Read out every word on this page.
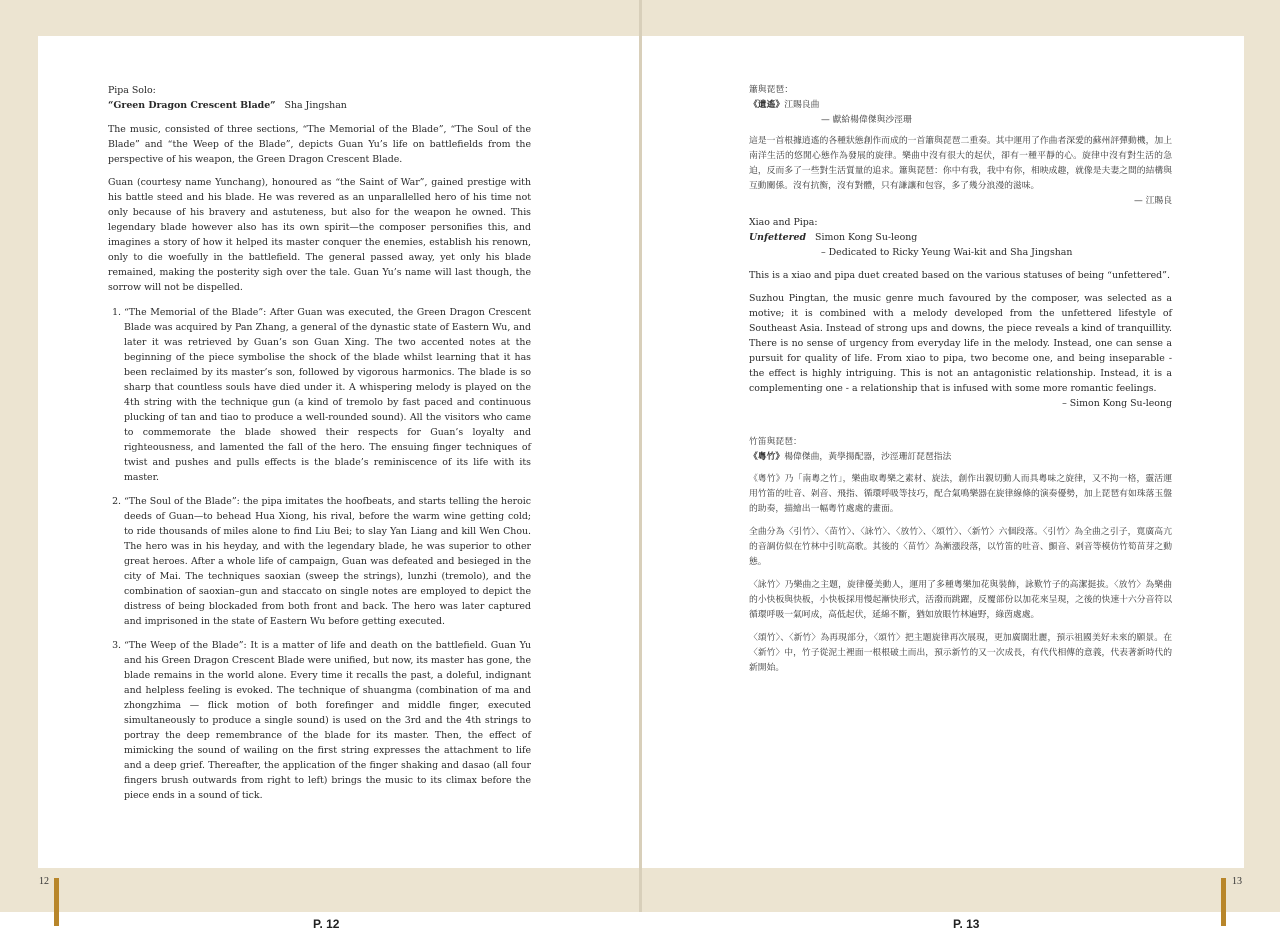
Pipa Solo:

“Green Dragon Crescent Blade” Sha Jingshan

The music, consisted of three sections, “The Memorial of the Blade”, “The Soul of the Blade” and “the Weep of the Blade”, depicts Guan Yu’s life on battlefields from the perspective of his weapon, the Green Dragon Crescent Blade.

Guan (courtesy name Yunchang), honoured as “the Saint of War”, gained prestige with his battle steed and his blade. He was revered as an unparallelled hero of his time not only because of his bravery and astuteness, but also for the weapon he owned. This legendary blade however also has its own spirit—the composer personifies this, and imagines a story of how it helped its master conquer the enemies, establish his renown, only to die woefully in the battlefield. The general passed away, yet only his blade remained, making the posterity sigh over the tale. Guan Yu’s name will last though, the sorrow will not be dispelled.

1. “The Memorial of the Blade”: After Guan was executed, the Green Dragon Crescent Blade was acquired by Pan Zhang, a general of the dynastic state of Eastern Wu, and later it was retrieved by Guan’s son Guan Xing. The two accented notes at the beginning of the piece symbolise the shock of the blade whilst learning that it has been reclaimed by its master’s son, followed by vigorous harmonics. The blade is so sharp that countless souls have died under it. A whispering melody is played on the 4th string with the technique gun (a kind of tremolo by fast paced and continuous plucking of tan and tiao to produce a well-rounded sound). All the visitors who came to commemorate the blade showed their respects for Guan’s loyalty and righteousness, and lamented the fall of the hero. The ensuing finger techniques of twist and pushes and pulls effects is the blade’s reminiscence of its life with its master.
2. “The Soul of the Blade”: the pipa imitates the hoofbeats, and starts telling the heroic deeds of Guan—to behead Hua Xiong, his rival, before the warm wine getting cold; to ride thousands of miles alone to find Liu Bei; to slay Yan Liang and kill Wen Chou. The hero was in his heyday, and with the legendary blade, he was superior to other great heroes. After a whole life of campaign, Guan was defeated and besieged in the city of Mai. The techniques saoxian (sweep the strings), lunzhi (tremolo), and the combination of saoxian–gun and staccato on single notes are employed to depict the distress of being blockaded from both front and back. The hero was later captured and imprisoned in the state of Eastern Wu before getting executed.
3. “The Weep of the Blade”: It is a matter of life and death on the battlefield. Guan Yu and his Green Dragon Crescent Blade were unified, but now, its master has gone, the blade remains in the world alone. Every time it recalls the past, a doleful, indignant and helpless feeling is evoked. The technique of shuangma (combination of ma and zhongzhima — flick motion of both forefinger and middle finger, executed simultaneously to produce a single sound) is used on the 3rd and the 4th strings to portray the deep remembrance of the blade for its master. Then, the effect of mimicking the sound of wailing on the first string expresses the attachment to life and a deep grief. Thereafter, the application of the finger shaking and dasao (all four fingers brush outwards from right to left) brings the music to its climax before the piece ends in a sound of tick.
簫與琵琶：
《遺遙》江賜良曲
— 獻給楊偉傑與沙涇珊

這是一首根據逍遙的各種狀態創作而成的一首簫與琵琶二重奏。其中運用了作曲者深愛的蘇州評彈動機，加上南洋生活的悠閒心態作為發展的旋律。樂曲中沒有很大的起伏，卻有一種平靜的心。旋律中沒有對生活的急迫，反而多了一些對生活質量的追求。簫與琵琶：你中有我，我中有你，相映成趣，就像是夫妻之間的結構與互動關係。沒有抗衡，沒有對體，只有謙讓和包容，多了幾分浪漫的滋味。

— 江賜良
Xiao and Pipa:
Unfettered Simon Kong Su-leong
– Dedicated to Ricky Yeung Wai-kit and Sha Jingshan

This is a xiao and pipa duet created based on the various statuses of being “unfettered”.

Suzhou Pingtan, the music genre much favoured by the composer, was selected as a motive; it is combined with a melody developed from the unfettered lifestyle of Southeast Asia. Instead of strong ups and downs, the piece reveals a kind of tranquillity. There is no sense of urgency from everyday life in the melody. Instead, one can sense a pursuit for quality of life. From xiao to pipa, two become one, and being inseparable - the effect is highly intriguing. This is not an antagonistic relationship. Instead, it is a complementing one - a relationship that is infused with some more romantic feelings.

– Simon Kong Su-leong
竹笛與琵琶：
《粵竹》楊偉傑曲，黃學揚配器，沙涇珊訂琵琶指法

《粵竹》乃「南粵之竹」，樂曲取粵樂之素材、旋法，創作出親切動人而具粵味之旋律，又不拘一格，靈活運用竹笛的吐音、剁音、飛指、循環呼吸等技巧，配合氣鳴樂器在旋律線條的演奏優勢，加上琵琶有如珠落玉盤的助奏，描繪出一幅粵竹處處的畫面。

全曲分為〈引竹〉、〈苗竹〉、〈詠竹〉、〈放竹〉、〈頌竹〉、〈新竹〉六個段落。〈引竹〉為全曲之引子，寬廣高亢的音調仿似在竹林中引吭高歌。其後的〈苗竹〉為漸漲段落，以竹笛的吐音、顫音、剁音等模仿竹筍苗芽之動態。

〈詠竹〉乃樂曲之主題，旋律優美動人，運用了多種粵樂加花與裝飾，詠歎竹子的高潔挺拔。〈放竹〉為樂曲的小快板與快板，小快板採用慢起漸快形式，活潑而跳躍，反覆部份以加花來呈現，之後的快速十六分音符以循環呼吸一氣呵成，高低起伏，延綿不斷，猶如放眼竹林遍野，綠茵處處。

〈頌竹〉、〈新竹〉為再現部分，〈頌竹〉把主題旋律再次展現，更加廣闊壯麗，預示祖國美好未來的願景。在〈新竹〉中，竹子從泥土裡面一根根破土而出，預示新竹的又一次成長，有代代相傳的意義，代表著新時代的新開始。

12	13
P. 12	P. 13
